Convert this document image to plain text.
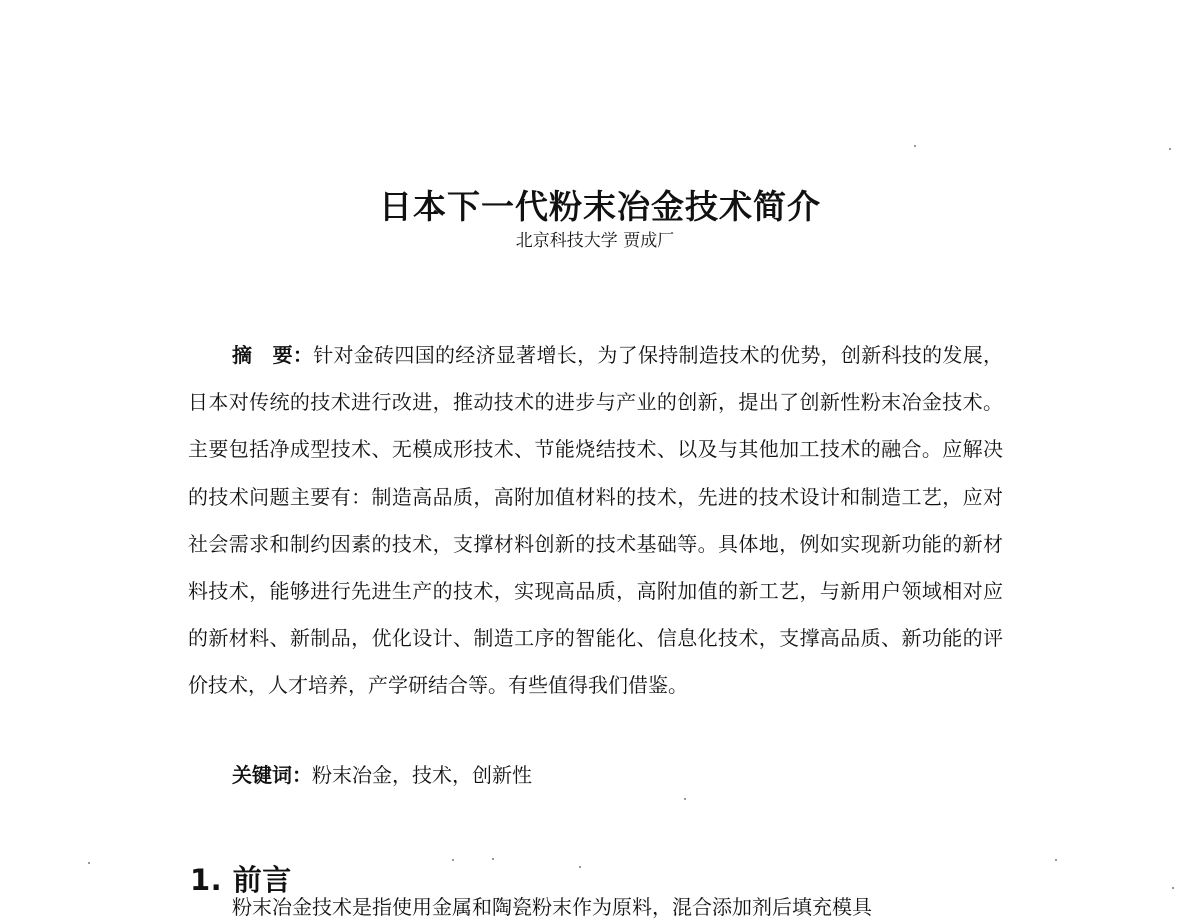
日本下一代粉末冶金技术简介
北京科技大学 贾成厂

摘　要：针对金砖四国的经济显著增长，为了保持制造技术的优势，创新科技的发展，日本对传统的技术进行改进，推动技术的进步与产业的创新，提出了创新性粉末冶金技术。主要包括净成型技术、无模成形技术、节能烧结技术、以及与其他加工技术的融合。应解决的技术问题主要有：制造高品质，高附加值材料的技术，先进的技术设计和制造工艺，应对社会需求和制约因素的技术，支撑材料创新的技术基础等。具体地，例如实现新功能的新材料技术，能够进行先进生产的技术，实现高品质，高附加值的新工艺，与新用户领域相对应的新材料、新制品，优化设计、制造工序的智能化、信息化技术，支撑高品质、新功能的评价技术，人才培养，产学研结合等。有些值得我们借鉴。

关键词：粉末冶金，技术，创新性

1. 前言
粉末冶金技术是指使用金属和陶瓷粉末作为原料，混合添加剂后填充模具
